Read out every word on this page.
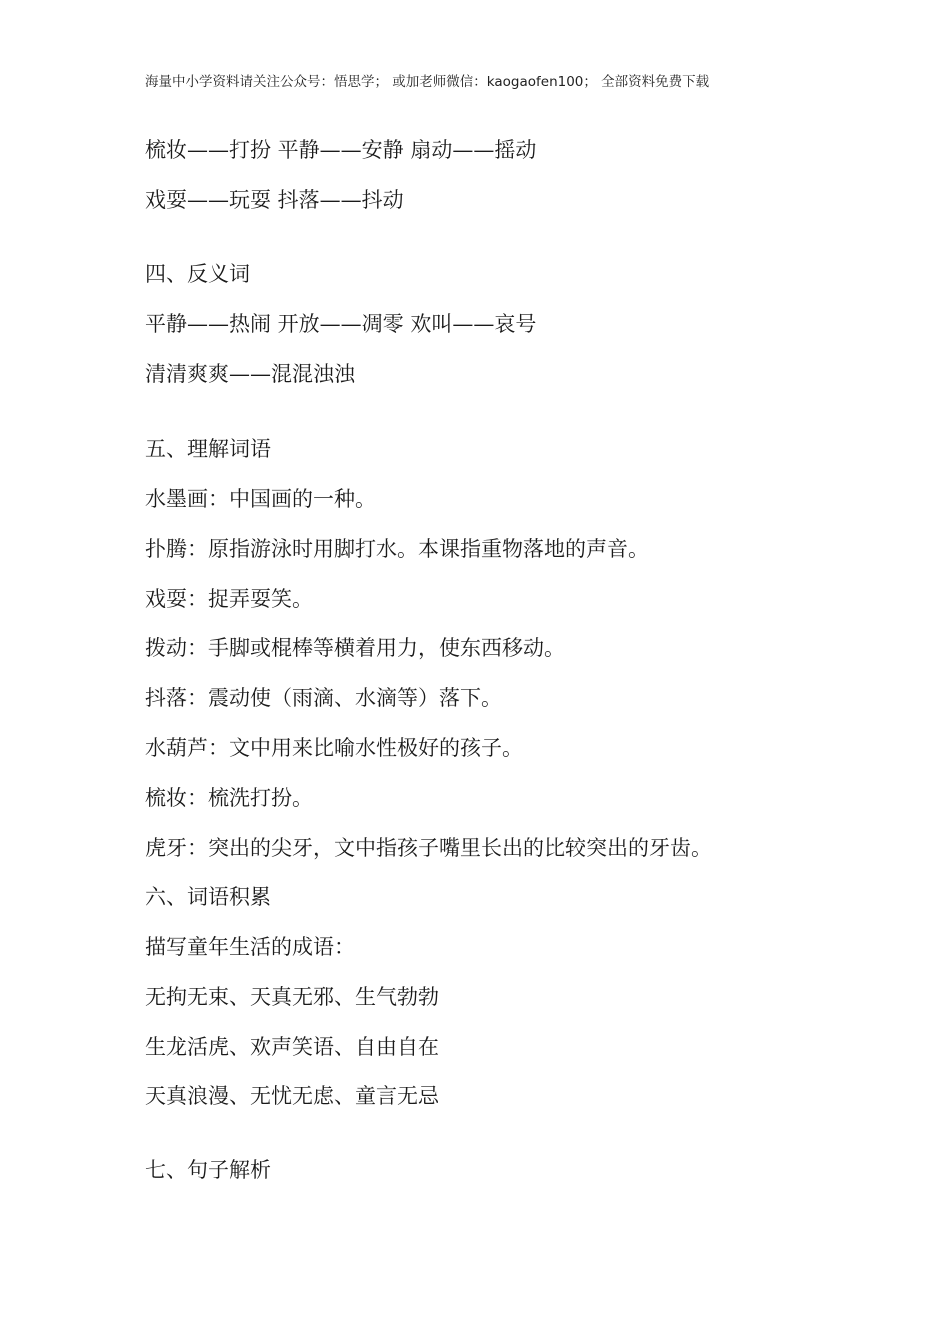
海量中小学资料请关注公众号：悟思学； 或加老师微信：kaogaofen100； 全部资料免费下载
梳妆——打扮 平静——安静 扇动——摇动
戏耍——玩耍 抖落——抖动
四、反义词
平静——热闹 开放——凋零 欢叫——哀号
清清爽爽——混混浊浊
五、理解词语
水墨画：中国画的一种。
扑腾：原指游泳时用脚打水。本课指重物落地的声音。
戏耍：捉弄耍笑。
拨动：手脚或棍棒等横着用力，使东西移动。
抖落：震动使（雨滴、水滴等）落下。
水葫芦：文中用来比喻水性极好的孩子。
梳妆：梳洗打扮。
虎牙：突出的尖牙，文中指孩子嘴里长出的比较突出的牙齿。
六、词语积累
描写童年生活的成语：
无拘无束、天真无邪、生气勃勃
生龙活虎、欢声笑语、自由自在
天真浪漫、无忧无虑、童言无忌
七、句子解析
